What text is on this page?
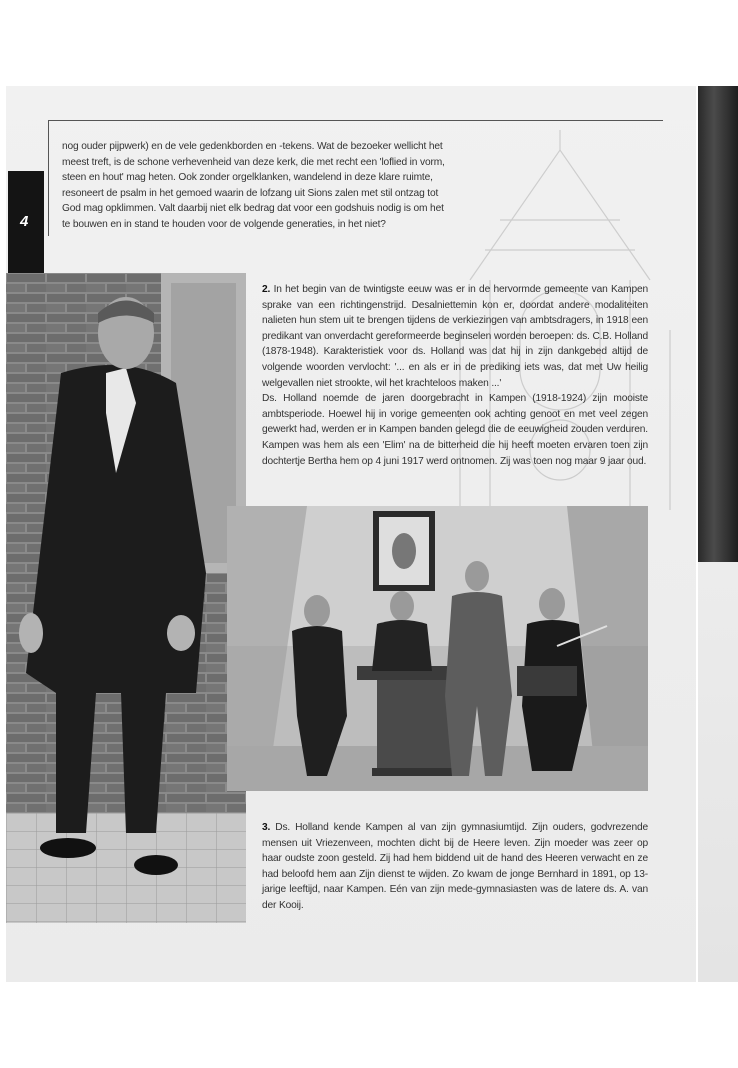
4

nog ouder pijpwerk) en de vele gedenkborden en -tekens. Wat de bezoeker wellicht het meest treft, is de schone verhevenheid van deze kerk, die met recht een 'loflied in vorm, steen en hout' mag heten. Ook zonder orgelklanken, wandelend in deze klare ruimte, resoneert de psalm in het gemoed waarin de lofzang uit Sions zalen met stil ontzag tot God mag opklimmen. Valt daarbij niet elk bedrag dat voor een godshuis nodig is om het te bouwen en in stand te houden voor de volgende generaties, in het niet?

2. In het begin van de twintigste eeuw was er in de hervormde gemeente van Kampen sprake van een richtingenstrijd. Desalniettemin kon er, doordat andere modaliteiten nalieten hun stem uit te brengen tijdens de verkiezingen van ambtsdragers, in 1918 een predikant van onverdacht gereformeerde beginselen worden beroepen: ds. C.B. Holland (1878-1948). Karakteristiek voor ds. Holland was dat hij in zijn dankgebed altijd de volgende woorden vervlocht: '... en als er in de prediking iets was, dat met Uw heilig welgevallen niet strookte, wil het krachteloos maken ...'
Ds. Holland noemde de jaren doorgebracht in Kampen (1918-1924) zijn mooiste ambtsperiode. Hoewel hij in vorige gemeenten ook achting genoot en met veel zegen gewerkt had, werden er in Kampen banden gelegd die de eeuwigheid zouden verduren. Kampen was hem als een 'Elim' na de bitterheid die hij heeft moeten ervaren toen zijn dochtertje Bertha hem op 4 juni 1917 werd ontnomen. Zij was toen nog maar 9 jaar oud.
3. Ds. Holland kende Kampen al van zijn gymnasiumtijd. Zijn ouders, godvrezende mensen uit Vriezenveen, mochten dicht bij de Heere leven. Zijn moeder was zeer op haar oudste zoon gesteld. Zij had hem biddend uit de hand des Heeren verwacht en ze had beloofd hem aan Zijn dienst te wijden. Zo kwam de jonge Bernhard in 1891, op 13-jarige leeftijd, naar Kampen. Eén van zijn mede-gymnasiasten was de latere ds. A. van der Kooij.
